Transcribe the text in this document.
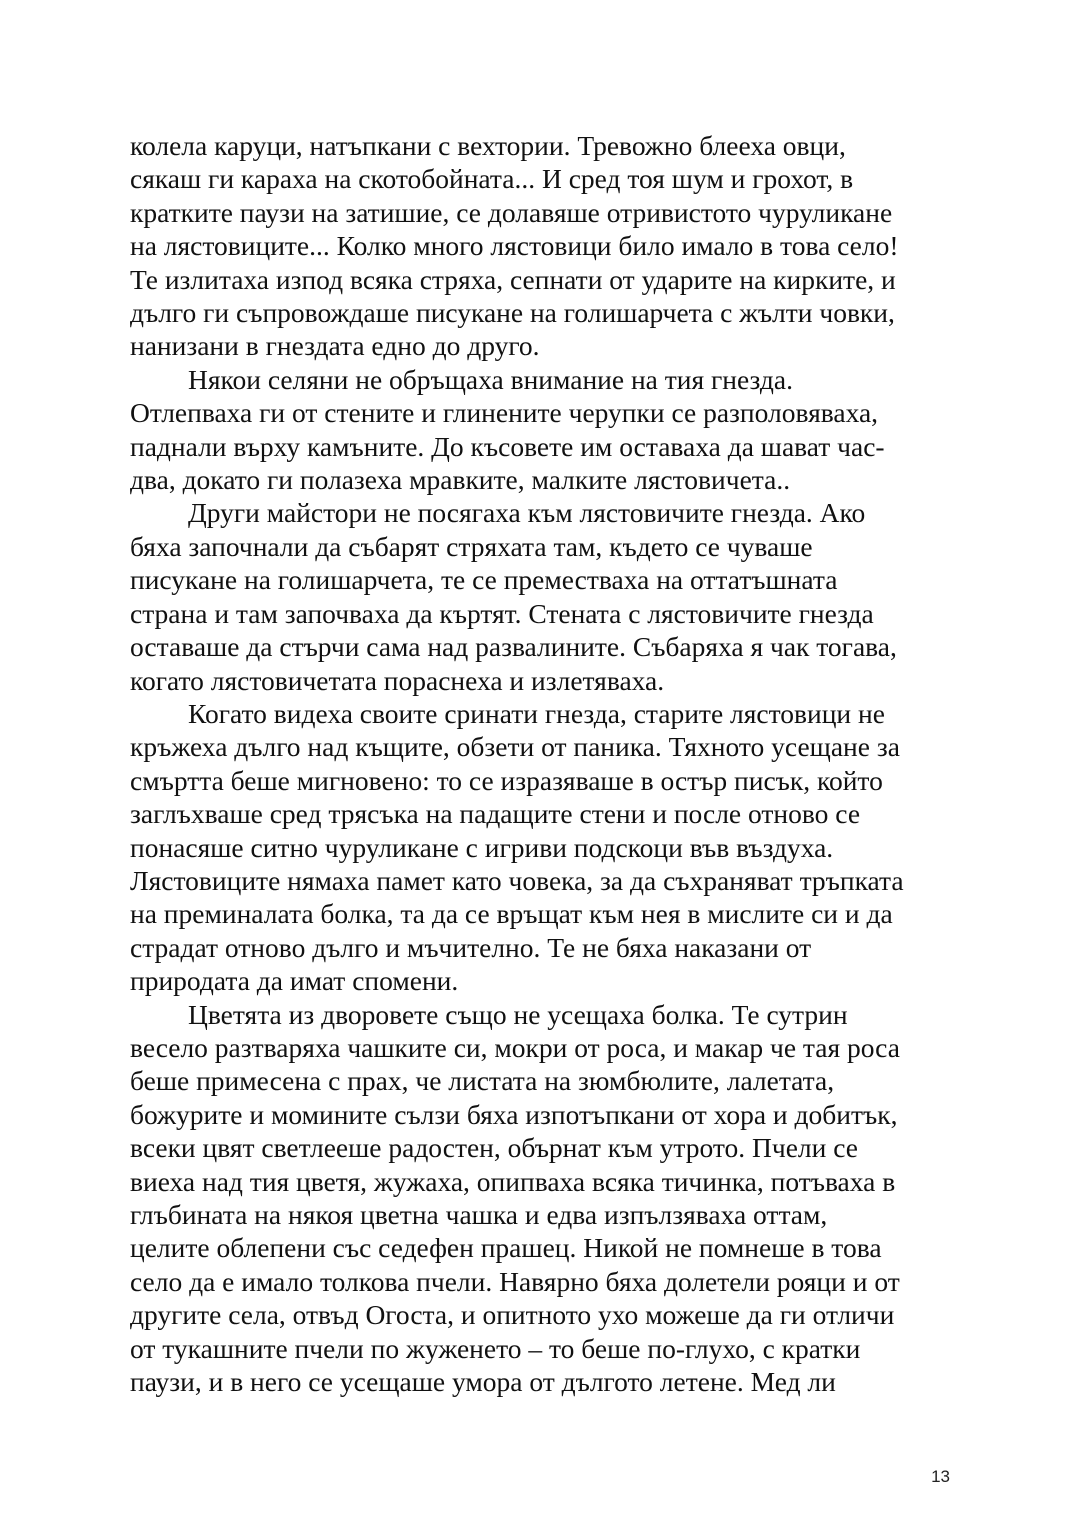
колела каруци, натъпкани с вехтории. Тревожно блееха овци,
сякаш ги караха на скотобойната... И сред тоя шум и грохот, в
кратките паузи на затишие, се долавяше отривистото чуруликане
на лястовиците... Колко много лястовици било имало в това село!
Те излитаха изпод всяка стряха, сепнати от ударите на кирките, и
дълго ги съпровождаше писукане на голишарчета с жълти човки,
нанизани в гнездата едно до друго.
Някои селяни не обръщаха внимание на тия гнезда.
Отлепваха ги от стените и глинените черупки се разполовяваха,
паднали върху камъните. До късовете им оставаха да шават час-
два, докато ги полазеха мравките, малките лястовичета..
Други майстори не посягаха към лястовичите гнезда. Ако
бяха започнали да събарят стряхата там, където се чуваше
писукане на голишарчета, те се преместваха на оттатъшната
страна и там започваха да къртят. Стената с лястовичите гнезда
оставаше да стърчи сама над развалините. Събаряха я чак тогава,
когато лястовичетата пораснеха и излетяваха.
Когато видеха своите сринати гнезда, старите лястовици не
кръжеха дълго над къщите, обзети от паника. Тяхното усещане за
смъртта беше мигновено: то се изразяваше в остър писък, който
заглъхваше сред трясъка на падащите стени и после отново се
понасяше ситно чуруликане с игриви подскоци във въздуха.
Лястовиците нямаха памет като човека, за да съхраняват тръпката
на преминалата болка, та да се връщат към нея в мислите си и да
страдат отново дълго и мъчително. Те не бяха наказани от
природата да имат спомени.
Цветята из дворовете също не усещаха болка. Те сутрин
весело разтваряха чашките си, мокри от роса, и макар че тая роса
беше примесена с прах, че листата на зюмбюлите, лалетата,
божурите и момините сълзи бяха изпотъпкани от хора и добитък,
всеки цвят светлееше радостен, обърнат към утрото. Пчели се
виеха над тия цветя, жужаха, опипваха всяка тичинка, потъваха в
глъбината на някоя цветна чашка и едва изпълзяваха оттам,
целите облепени със седефен прашец. Никой не помнеше в това
село да е имало толкова пчели. Навярно бяха долетели рояци и от
другите села, отвъд Огоста, и опитното ухо можеше да ги отличи
от тукашните пчели по жуженето – то беше по-глухо, с кратки
паузи, и в него се усещаше умора от дългото летене. Мед ли
13
